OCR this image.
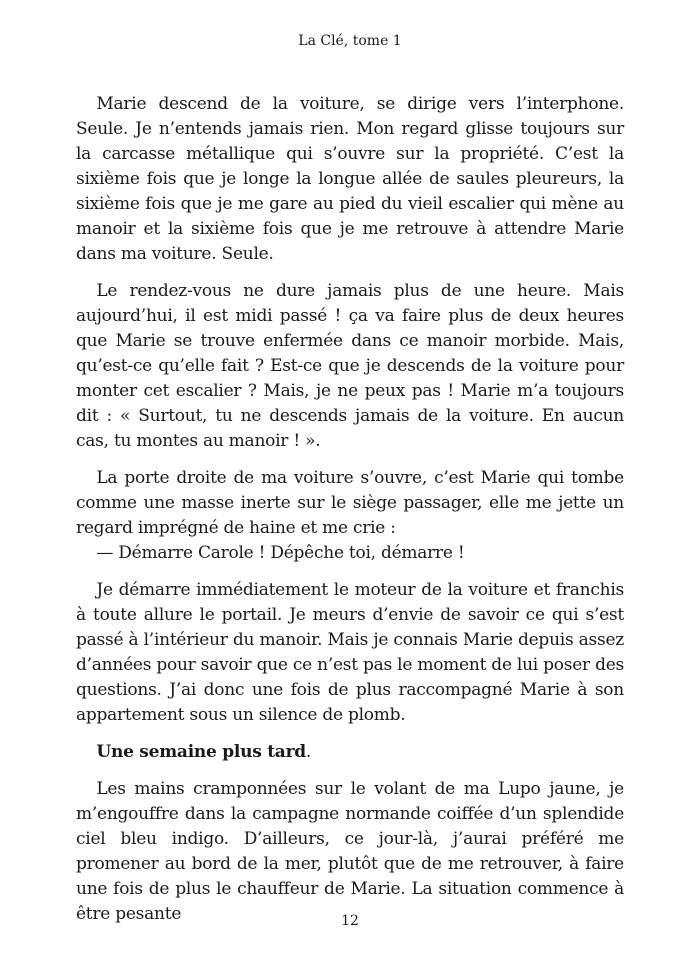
La Clé, tome 1

Marie descend de la voiture, se dirige vers l’interphone. Seule. Je n’entends jamais rien. Mon regard glisse toujours sur la carcasse métallique qui s’ouvre sur la propriété. C’est la sixième fois que je longe la longue allée de saules pleureurs, la sixième fois que je me gare au pied du vieil escalier qui mène au manoir et la sixième fois que je me retrouve à attendre Marie dans ma voiture. Seule.

Le rendez-vous ne dure jamais plus de une heure. Mais aujourd’hui, il est midi passé ! ça va faire plus de deux heures que Marie se trouve enfermée dans ce manoir morbide. Mais, qu’est-ce qu’elle fait ? Est-ce que je descends de la voiture pour monter cet escalier ? Mais, je ne peux pas ! Marie m’a toujours dit : « Surtout, tu ne descends jamais de la voiture. En aucun cas, tu montes au manoir ! ».

La porte droite de ma voiture s’ouvre, c’est Marie qui tombe comme une masse inerte sur le siège passager, elle me jette un regard imprégné de haine et me crie :

— Démarre Carole ! Dépêche toi, démarre !

Je démarre immédiatement le moteur de la voiture et franchis à toute allure le portail. Je meurs d’envie de savoir ce qui s’est passé à l’intérieur du manoir. Mais je connais Marie depuis assez d’années pour savoir que ce n’est pas le moment de lui poser des questions. J’ai donc une fois de plus raccompagné Marie à son appartement sous un silence de plomb.

Une semaine plus tard.

Les mains cramponnées sur le volant de ma Lupo jaune, je m’engouffre dans la campagne normande coiffée d’un splendide ciel bleu indigo. D’ailleurs, ce jour-là, j’aurai préféré me promener au bord de la mer, plutôt que de me retrouver, à faire une fois de plus le chauffeur de Marie. La situation commence à être pesante	12
